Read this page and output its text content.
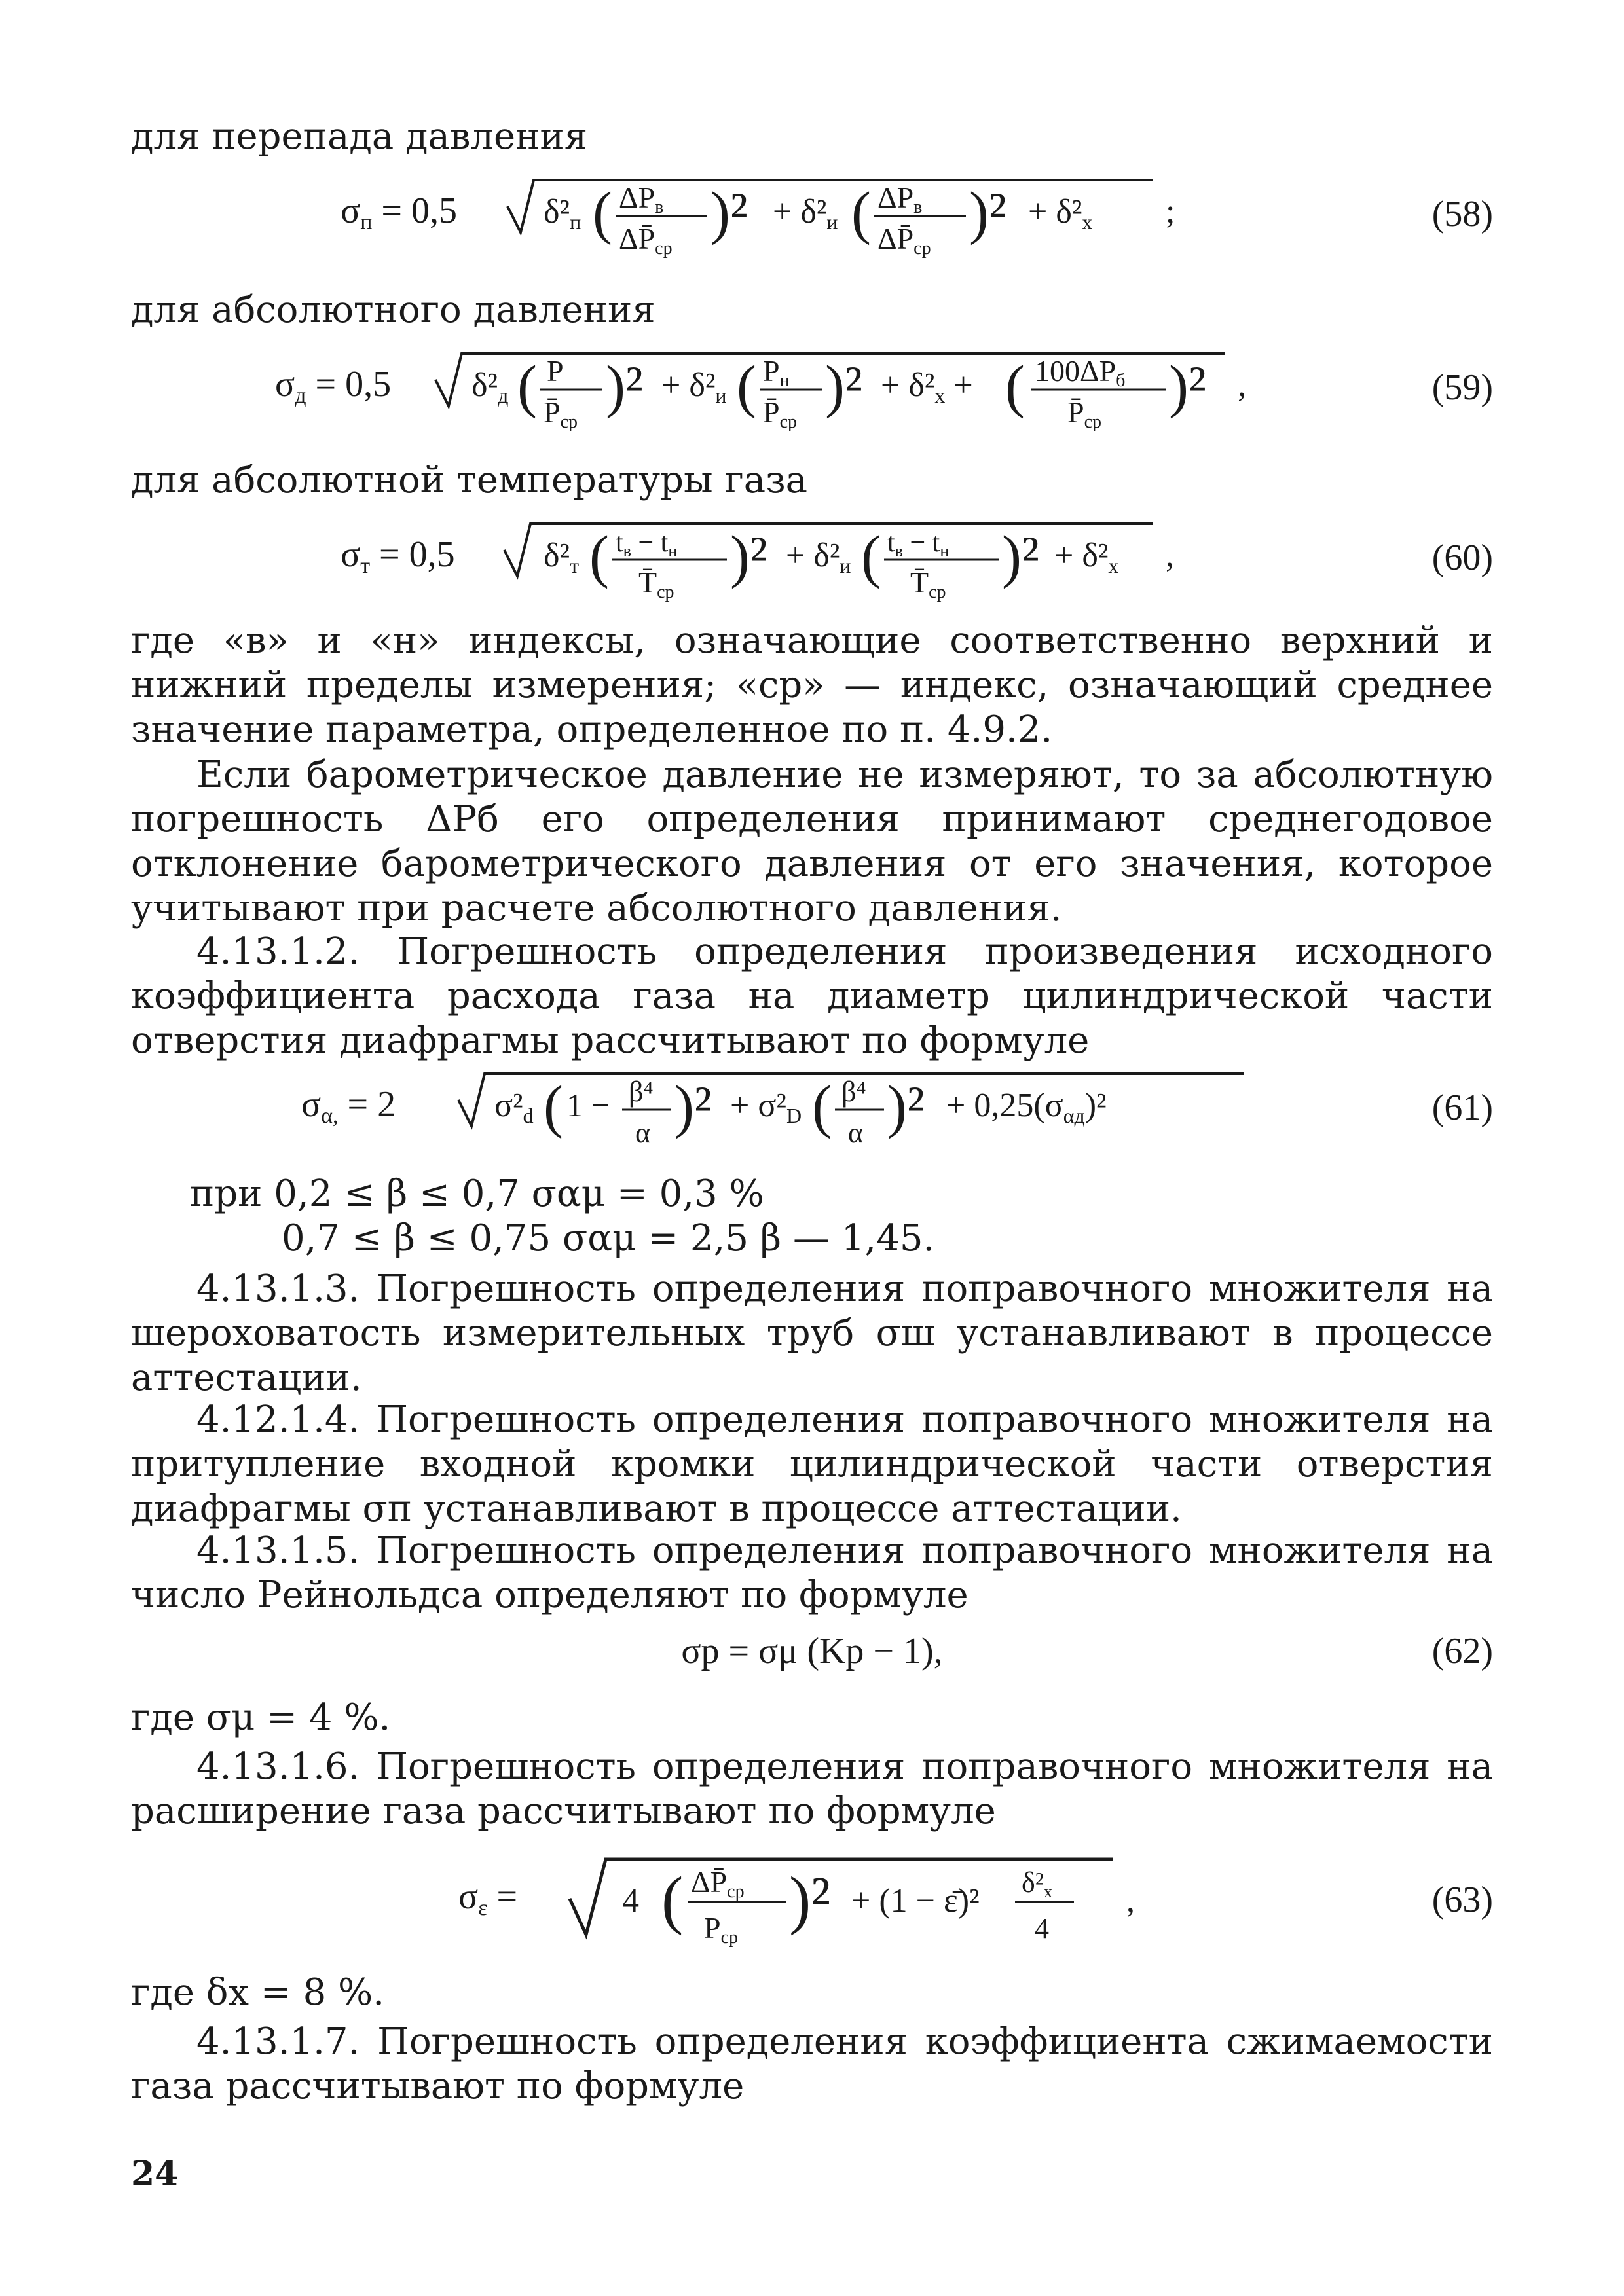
для перепада давления

σп = 0,5	δ²п ( ΔPв
ΔP̄ср
)² + δ²и ( ΔPв
ΔP̄ср
)² + δ²x ;	(58)

для абсолютного давления

σд = 0,5 δ²д ( P
P̄ср
)² + δ²и ( Pн
P̄ср
)² + δ²x + ( 100ΔPб
P̄ср
)² ,	(59)

для абсолютной температуры газа

σт = 0,5	δ²т ( tв − tн
T̄ср
)² + δ²и ( tв − tн
T̄ср
)² + δ²x ,	(60)

где «в» и «н» индексы, означающие соответственно верхний и нижний пределы измерения; «ср» — индекс, означающий среднее значение параметра, определенное по п. 4.9.2.

Если барометрическое давление не измеряют, то за абсолютную погрешность ΔPб его определения принимают среднегодовое отклонение барометрического давления от его значения, которое учитывают при расчете абсолютного давления.

4.13.1.2. Погрешность определения произведения исходного коэффициента расхода газа на диаметр цилиндрической части отверстия диафрагмы рассчитывают по формуле

σα, = 2	σ²d ( 1 − β⁴
α )² + σ²D ( β⁴
α )² + 0,25(σαд)²	(61)

при 0,2 ≤ β ≤ 0,7 σαμ = 0,3 %

0,7 ≤ β ≤ 0,75 σαμ = 2,5 β — 1,45.

4.13.1.3. Погрешность определения поправочного множителя на шероховатость измерительных труб σш устанавливают в процессе аттестации.

4.12.1.4. Погрешность определения поправочного множителя на притупление входной кромки цилиндрической части отверстия диафрагмы σп устанавливают в процессе аттестации.

4.13.1.5. Погрешность определения поправочного множителя на число Рейнольдса определяют по формуле

σр = σμ (Kр − 1),	(62)

где σμ = 4 %.

4.13.1.6. Погрешность определения поправочного множителя на расширение газа рассчитывают по формуле

σε =	4 ( ΔP̄ср
Pср
)² + (1 − ε̄)² δ²x
4
,	(63)

где δx = 8 %.

4.13.1.7. Погрешность определения коэффициента сжимаемости газа рассчитывают по формуле

24
